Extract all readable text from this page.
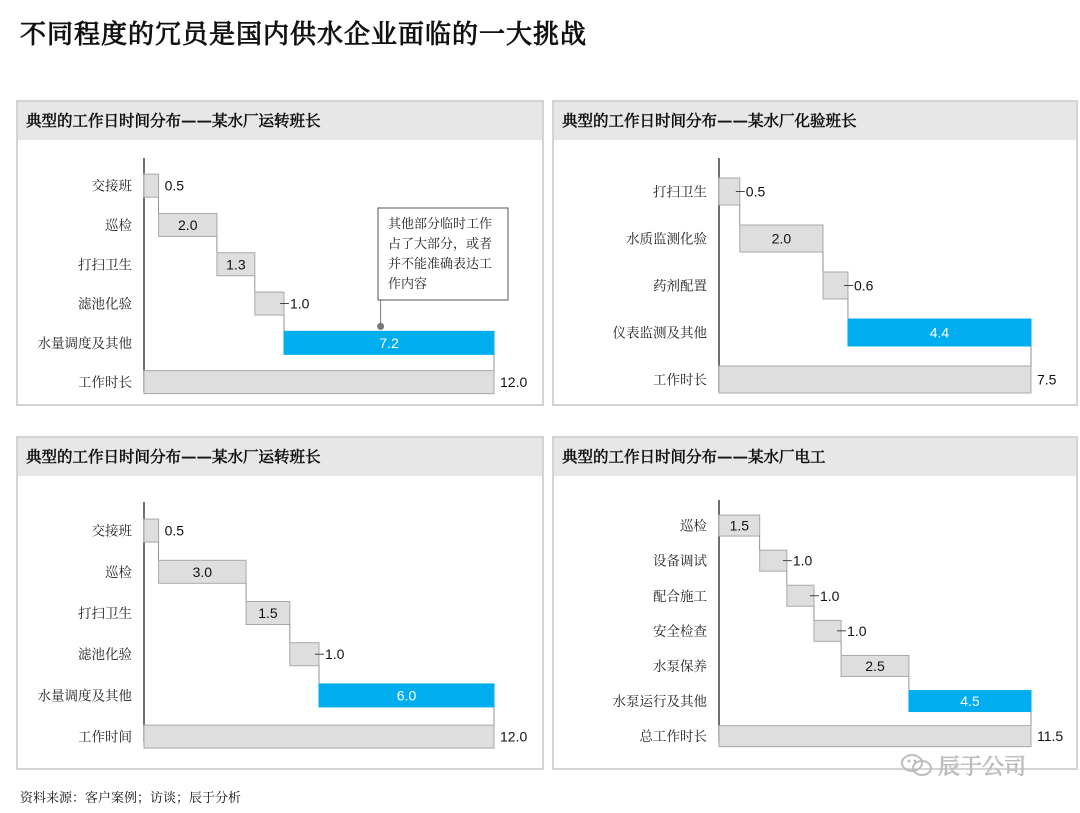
不同程度的冗员是国内供水企业面临的一大挑战
典型的工作日时间分布——某水厂运转班长
交接班 0.5
巡检	2.0
打扫卫生	1.3
滤池化验	1.0
水量调度及其他	7.2
工作时长	12.0
其他部分临时工作
占了大部分，或者
并不能准确表达工
作内容
典型的工作日时间分布——某水厂化验班长
打扫卫生	0.5
水质监测化验	2.0
药剂配置	0.6
仪表监测及其他	4.4
工作时长	7.5
典型的工作日时间分布——某水厂运转班长
交接班 0.5
巡检	3.0
打扫卫生	1.5
滤池化验	1.0
水量调度及其他	6.0
工作时间	12.0
典型的工作日时间分布——某水厂电工
巡检 1.5
设备调试	1.0
配合施工	1.0
安全检查	1.0
水泵保养	2.5
水泵运行及其他	4.5
总工作时长	11.5
资料来源：客户案例；访谈；辰于分析
辰于公司
